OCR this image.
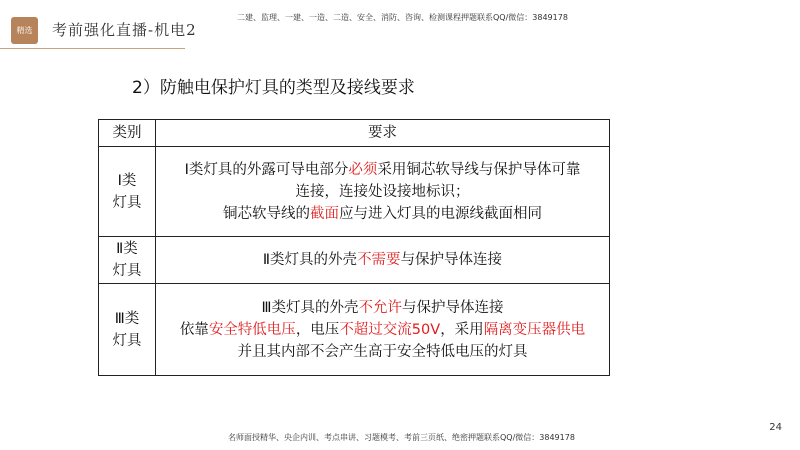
精选 考前强化直播-机电2
二建、监理、一建、一造、二造、安全、消防、咨询、检测课程押题联系QQ/微信：3849178
2）防触电保护灯具的类型及接线要求
类别	要求
Ⅰ类
灯具	Ⅰ类灯具的外露可导电部分必须采用铜芯软导线与保护导体可靠
连接，连接处设接地标识；
铜芯软导线的截面应与进入灯具的电源线截面相同
Ⅱ类
灯具	Ⅱ类灯具的外壳不需要与保护导体连接
Ⅲ类
灯具	Ⅲ类灯具的外壳不允许与保护导体连接
依靠安全特低电压，电压不超过交流50V，采用隔离变压器供电
并且其内部不会产生高于安全特低电压的灯具
24
名师面授精华、央企内训、考点串讲、习题模考、考前三页纸、绝密押题联系QQ/微信：3849178
